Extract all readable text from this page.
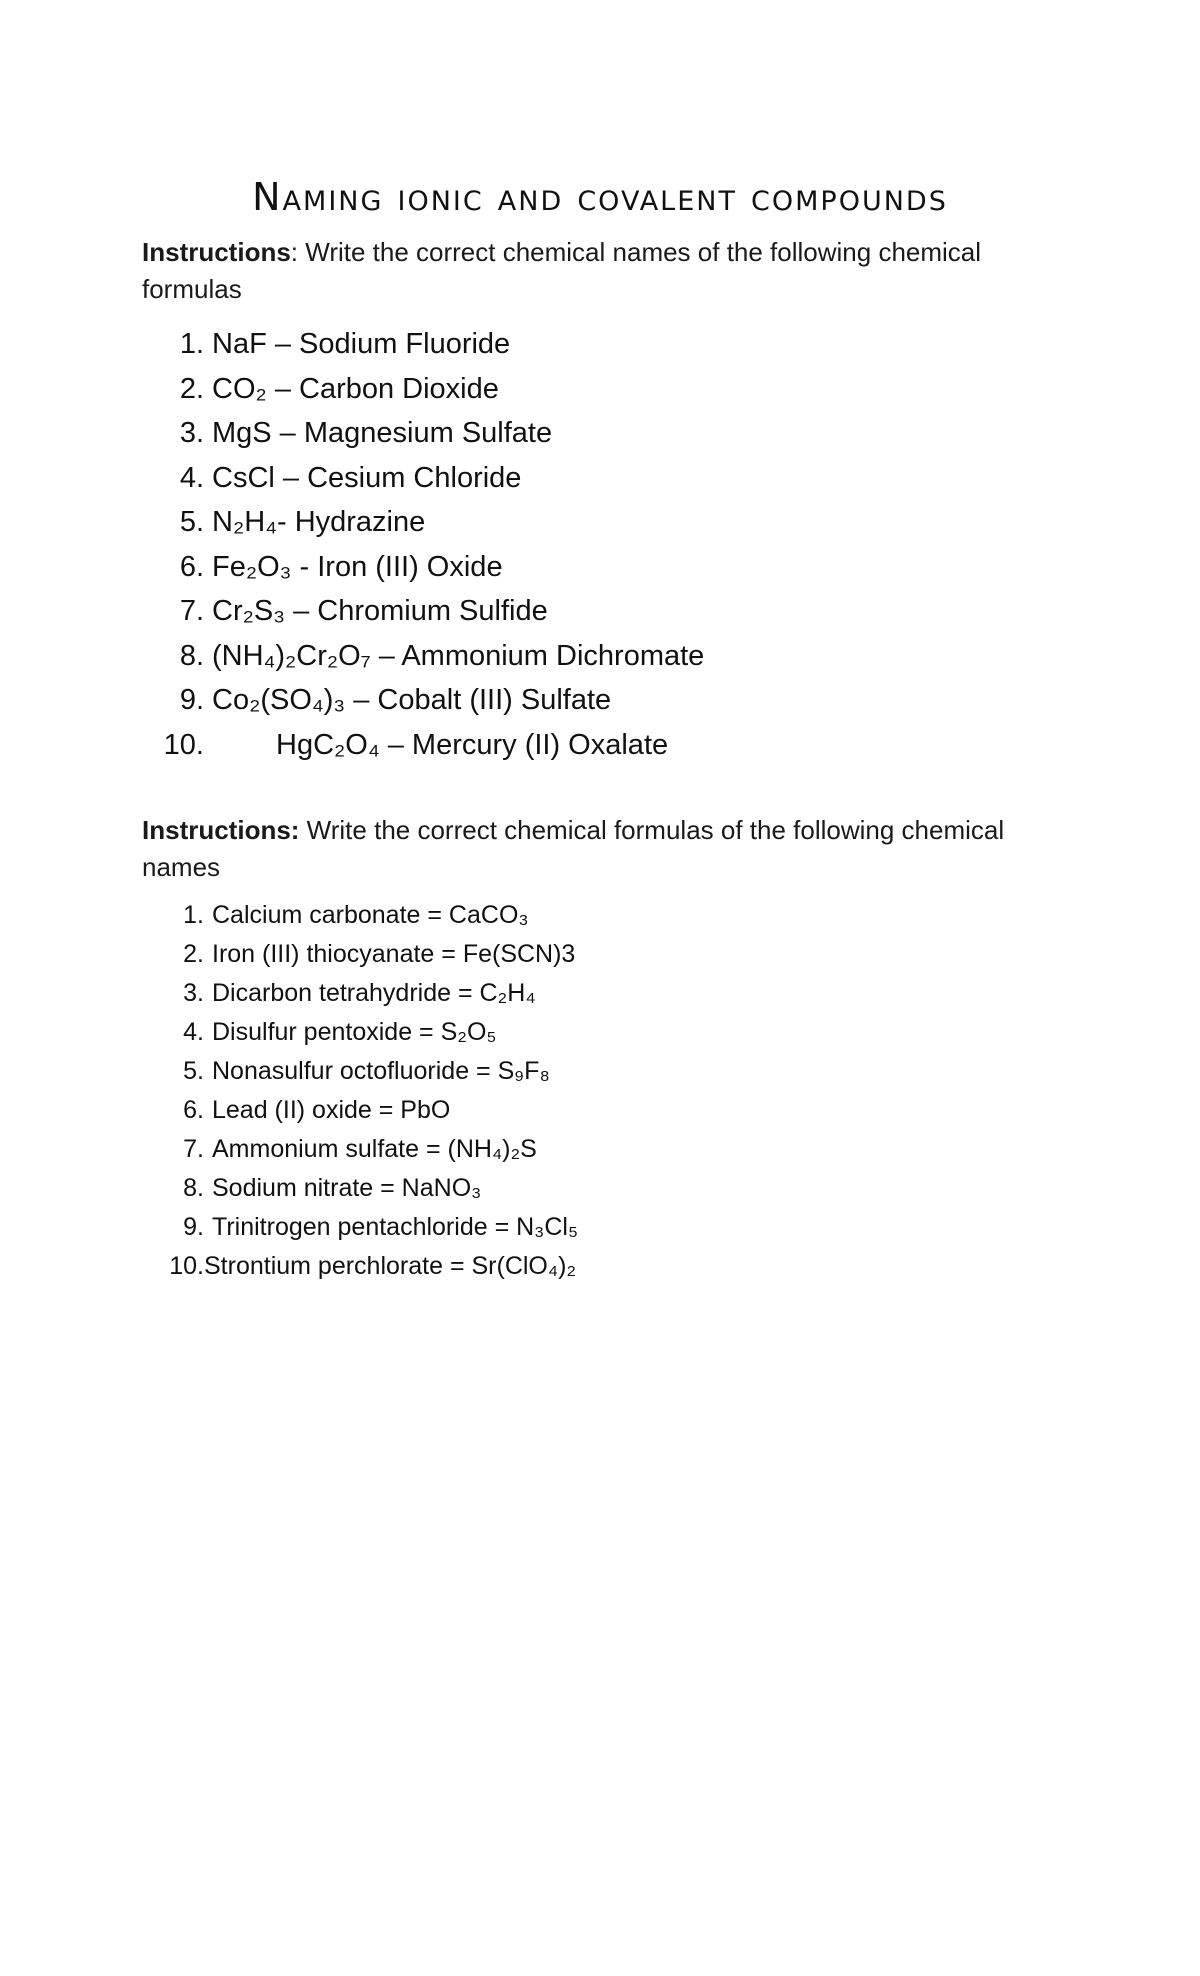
Naming ionic and covalent compounds
Instructions: Write the correct chemical names of the following chemical formulas
1. NaF – Sodium Fluoride
2. CO₂ – Carbon Dioxide
3. MgS – Magnesium Sulfate
4. CsCl – Cesium Chloride
5. N₂H₄- Hydrazine
6. Fe₂O₃ - Iron (III) Oxide
7. Cr₂S₃ – Chromium Sulfide
8. (NH₄)₂Cr₂O₇ – Ammonium Dichromate
9. Co₂(SO₄)₃ – Cobalt (III) Sulfate
10. HgC₂O₄ – Mercury (II) Oxalate
Instructions: Write the correct chemical formulas of the following chemical names
1. Calcium carbonate = CaCO₃
2. Iron (III) thiocyanate = Fe(SCN)3
3. Dicarbon tetrahydride = C₂H₄
4. Disulfur pentoxide = S₂O₅
5. Nonasulfur octofluoride = S₉F₈
6. Lead (II) oxide = PbO
7. Ammonium sulfate = (NH₄)₂S
8. Sodium nitrate = NaNO₃
9. Trinitrogen pentachloride = N₃Cl₅
10.Strontium perchlorate = Sr(ClO₄)₂
